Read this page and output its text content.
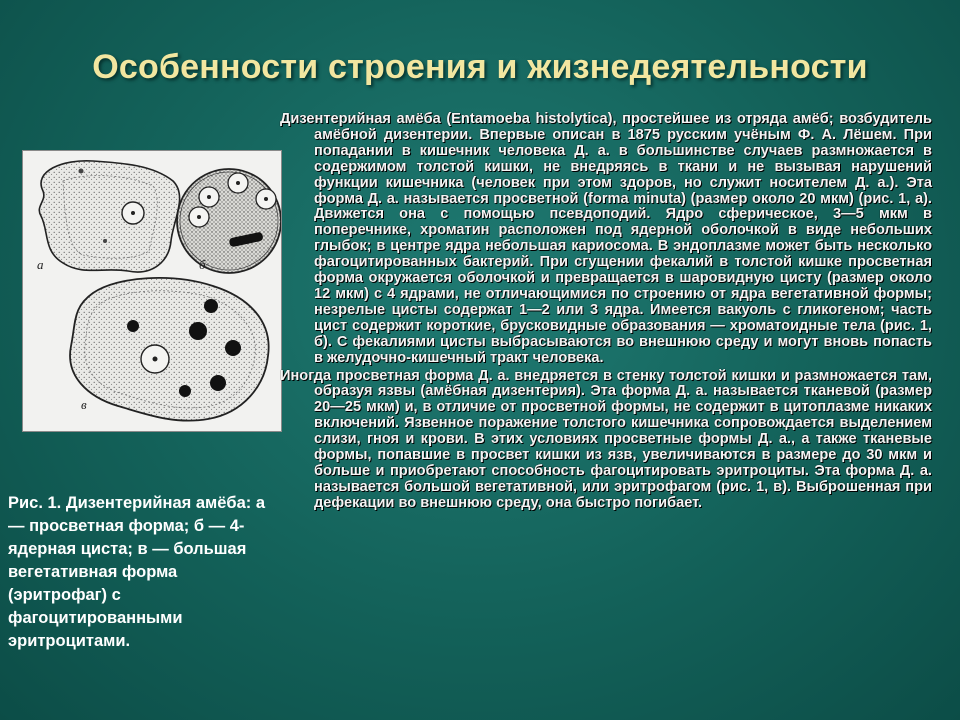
Особенности строения и жизнедеятельности
а	б
в
Рис. 1. Дизентерийная амёба: а — просветная форма; б — 4-ядерная циста; в — большая вегетативная форма (эритрофаг) с фагоцитированными эритроцитами.

Дизентерийная амёба (Entamoeba histolytica), простейшее из отряда амёб; возбудитель амёбной дизентерии. Впервые описан в 1875 русским учёным Ф. А. Лёшем. При попадании в кишечник человека Д. а. в большинстве случаев размножается в содержимом толстой кишки, не внедряясь в ткани и не вызывая нарушений функции кишечника (человек при этом здоров, но служит носителем Д. а.). Эта форма Д. а. называется просветной (forma minuta) (размер около 20 мкм) (рис. 1, а). Движется она с помощью псевдоподий. Ядро сферическое, 3—5 мкм в поперечнике, хроматин расположен под ядерной оболочкой в виде небольших глыбок; в центре ядра небольшая кариосома. В эндоплазме может быть несколько фагоцитированных бактерий. При сгущении фекалий в толстой кишке просветная форма окружается оболочкой и превращается в шаровидную цисту (размер около 12 мкм) с 4 ядрами, не отличающимися по строению от ядра вегетативной формы; незрелые цисты содержат 1—2 или 3 ядра. Имеется вакуоль с гликогеном; часть цист содержит короткие, брусковидные образования — хроматоидные тела (рис. 1, б). С фекалиями цисты выбрасываются во внешнюю среду и могут вновь попасть в желудочно-кишечный тракт человека.

Иногда просветная форма Д. а. внедряется в стенку толстой кишки и размножается там, образуя язвы (амёбная дизентерия). Эта форма Д. а. называется тканевой (размер 20—25 мкм) и, в отличие от просветной формы, не содержит в цитоплазме никаких включений. Язвенное поражение толстого кишечника сопровождается выделением слизи, гноя и крови. В этих условиях просветные формы Д. а., а также тканевые формы, попавшие в просвет кишки из язв, увеличиваются в размере до 30 мкм и больше и приобретают способность фагоцитировать эритроциты. Эта форма Д. а. называется большой вегетативной, или эритрофагом (рис. 1, в). Выброшенная при дефекации во внешнюю среду, она быстро погибает.
